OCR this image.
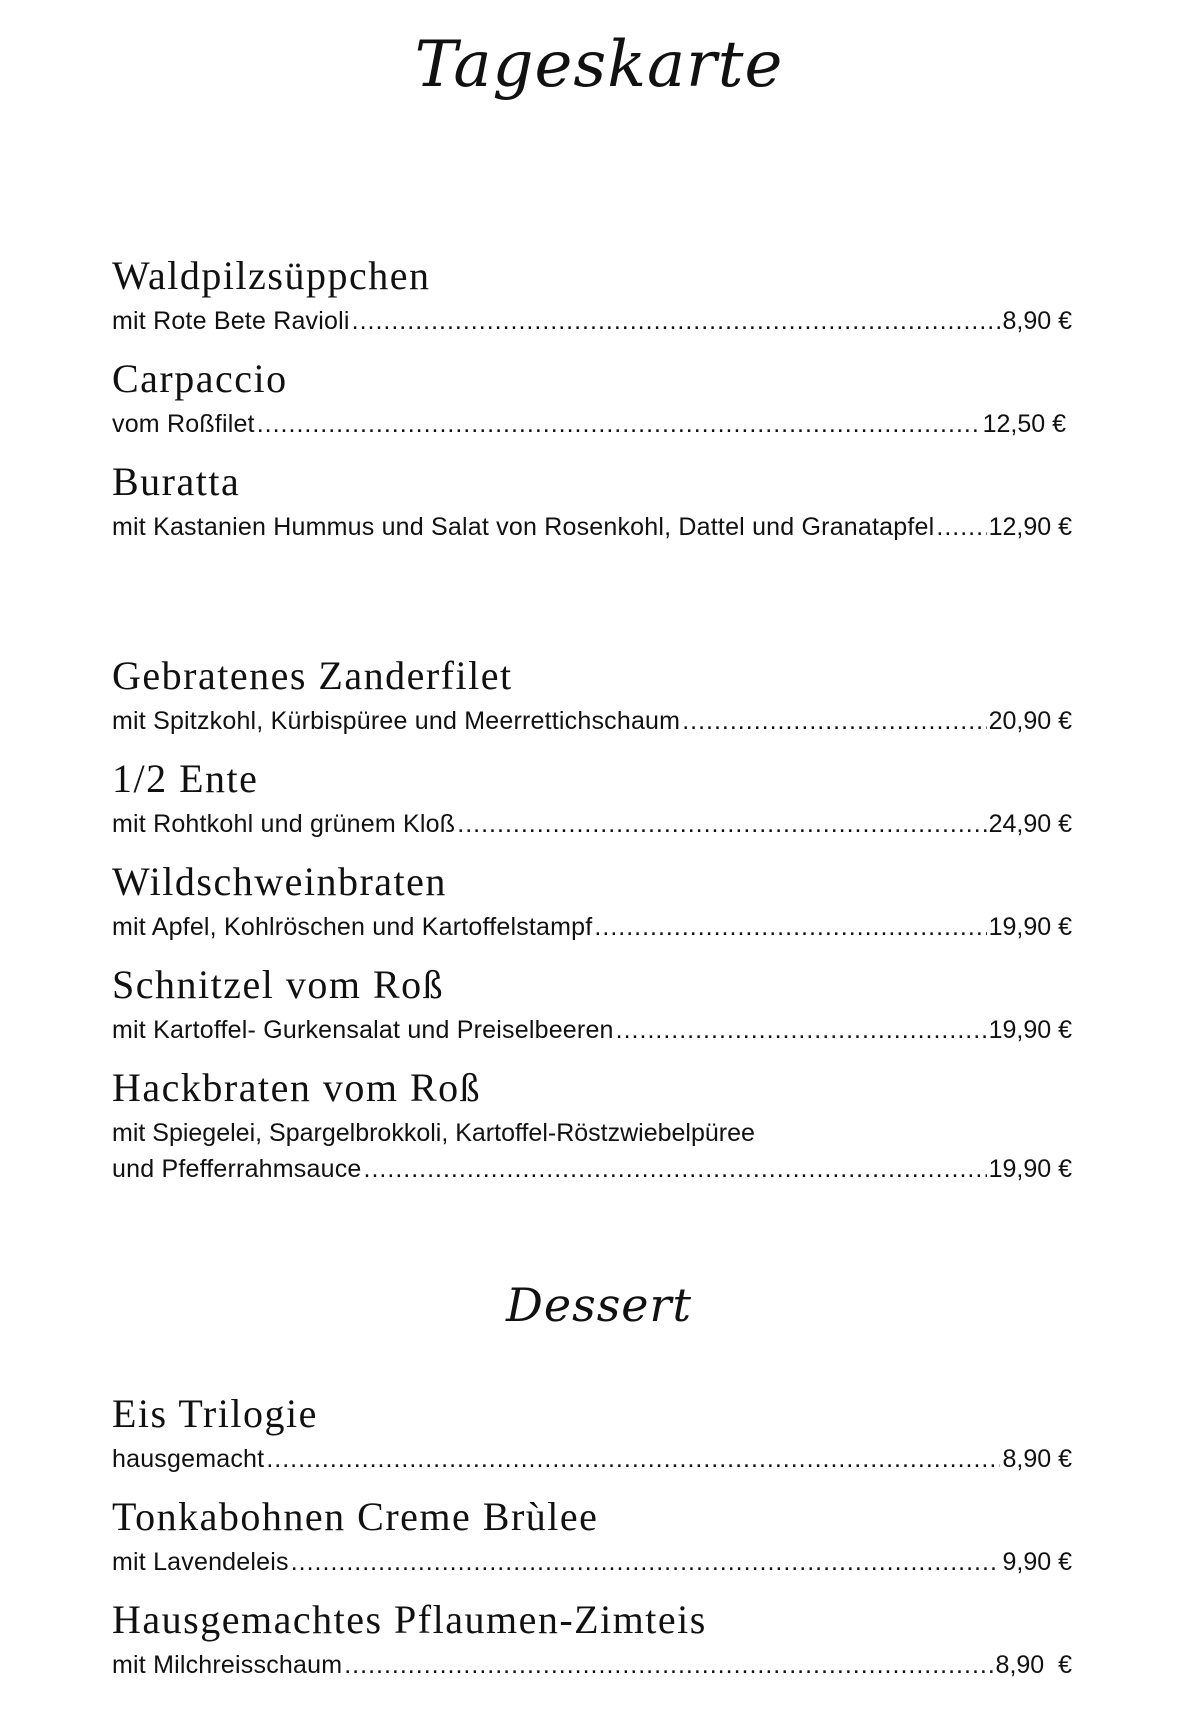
Tageskarte
Waldpilzsüppchen
mit Rote Bete Ravioli .....	8,90 €
Carpaccio
vom Roßfilet .....	12,50 €
Buratta
mit Kastanien Hummus und Salat von Rosenkohl, Dattel und Granatapfel ..... 12,90 €
Gebratenes Zanderfilet
mit Spitzkohl, Kürbispüree und Meerrettichschaum .....	20,90 €
1/2 Ente
mit Rohtkohl und grünem Kloß .....	24,90 €
Wildschweinbraten
mit Apfel, Kohlröschen und Kartoffelstampf .....	19,90 €
Schnitzel vom Roß
mit Kartoffel- Gurkensalat und Preiselbeeren .....	19,90 €
Hackbraten vom Roß
mit Spiegelei, Spargelbrokkoli, Kartoffel-Röstzwiebelpüree
und Pfefferrahmsauce .....	19,90 €
Dessert
Eis Trilogie
hausgemacht .....	8,90 €
Tonkabohnen Creme Brùlee
mit Lavendeleis .....	9,90 €
Hausgemachtes Pflaumen-Zimteis
mit Milchreisschaum .....	8,90  €
